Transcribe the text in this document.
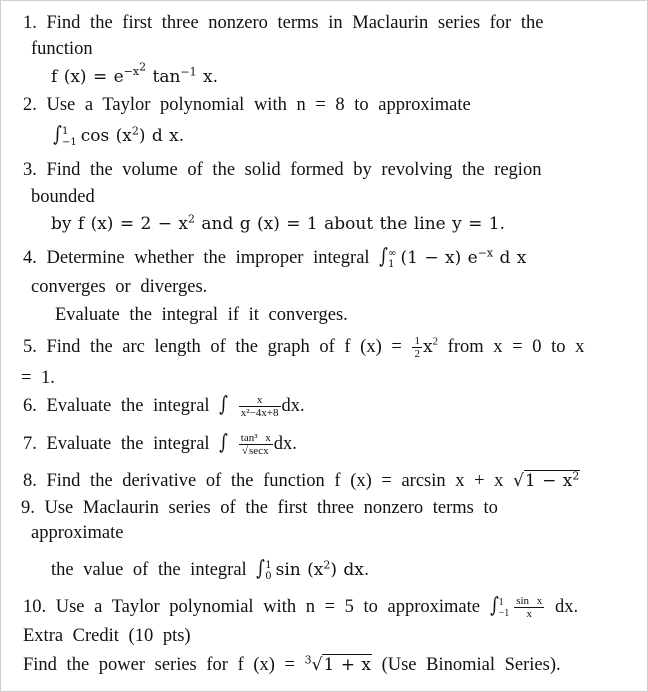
1. Find the first three nonzero terms in Maclaurin series for the
function
f $(x) = e^{-x^2}$ $\tan^{-1} x$.
2. Use a Taylor polynomial with n = 8 to approximate
∫ 1
−1 $\cos (x^2)$ d x.
3. Find the volume of the solid formed by revolving the region
bounded
by f $(x) = 2 - x^2$ and g (x) = 1 about the line y = 1.
4. Determine whether the improper integral ∫ ∞
1 (1 − x) $e^{-x}$ d x
converges or diverges.
Evaluate the integral if it converges.
5. Find the arc length of the graph of f $(x) = \frac{1}{2} x^2$ from x = 0 to x
= 1.
6. Evaluate the integral ∫ $\frac{x}{\text{x²−4x+8}}$ dx.
7. Evaluate the integral ∫ $\frac{\text{tan³ x}}{√\sec x}$ dx.
8. Find the derivative of the function f (x) = arcsin x + x $√1 - x^2$
9. Use Maclaurin series of the first three nonzero terms to
approximate
the value of the integral ∫ 1
0 $\sin (x^2)$ dx.
10. Use a Taylor polynomial with n = 5 to approximate ∫ 1
$-1 \frac{\text{sin x}}{x}$ dx.
Extra Credit (10 pts)
Find the power series for f (x) = $^3$√1 + x (Use Binomial Series).
